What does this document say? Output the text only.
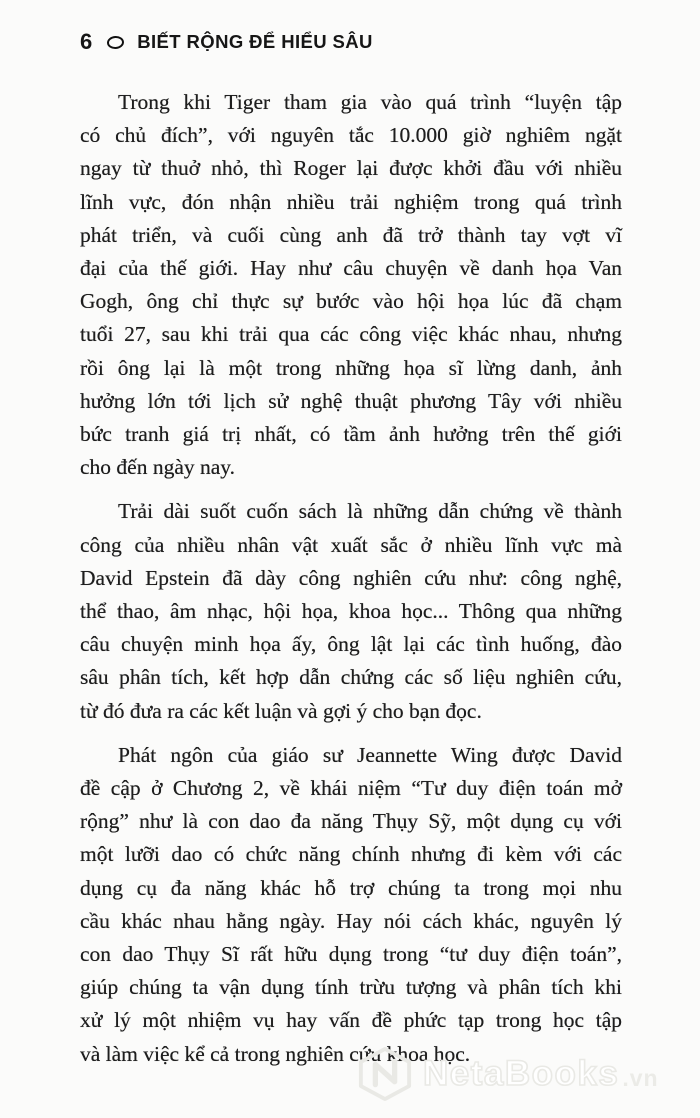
6 BIẾT RỘNG ĐỂ HIỂU SÂU
Trong khi Tiger tham gia vào quá trình “luyện tập
có chủ đích”, với nguyên tắc 10.000 giờ nghiêm ngặt
ngay từ thuở nhỏ, thì Roger lại được khởi đầu với nhiều
lĩnh vực, đón nhận nhiều trải nghiệm trong quá trình
phát triển, và cuối cùng anh đã trở thành tay vợt vĩ
đại của thế giới. Hay như câu chuyện về danh họa Van
Gogh, ông chỉ thực sự bước vào hội họa lúc đã chạm
tuổi 27, sau khi trải qua các công việc khác nhau, nhưng
rồi ông lại là một trong những họa sĩ lừng danh, ảnh
hưởng lớn tới lịch sử nghệ thuật phương Tây với nhiều
bức tranh giá trị nhất, có tầm ảnh hưởng trên thế giới
cho đến ngày nay.
Trải dài suốt cuốn sách là những dẫn chứng về thành
công của nhiều nhân vật xuất sắc ở nhiều lĩnh vực mà
David Epstein đã dày công nghiên cứu như: công nghệ,
thể thao, âm nhạc, hội họa, khoa học... Thông qua những
câu chuyện minh họa ấy, ông lật lại các tình huống, đào
sâu phân tích, kết hợp dẫn chứng các số liệu nghiên cứu,
từ đó đưa ra các kết luận và gợi ý cho bạn đọc.
Phát ngôn của giáo sư Jeannette Wing được David
đề cập ở Chương 2, về khái niệm “Tư duy điện toán mở
rộng” như là con dao đa năng Thụy Sỹ, một dụng cụ với
một lưỡi dao có chức năng chính nhưng đi kèm với các
dụng cụ đa năng khác hỗ trợ chúng ta trong mọi nhu
cầu khác nhau hằng ngày. Hay nói cách khác, nguyên lý
con dao Thụy Sĩ rất hữu dụng trong “tư duy điện toán”,
giúp chúng ta vận dụng tính trừu tượng và phân tích khi
xử lý một nhiệm vụ hay vấn đề phức tạp trong học tập
và làm việc kể cả trong nghiên cứu khoa học.
NetaBooks .vn
